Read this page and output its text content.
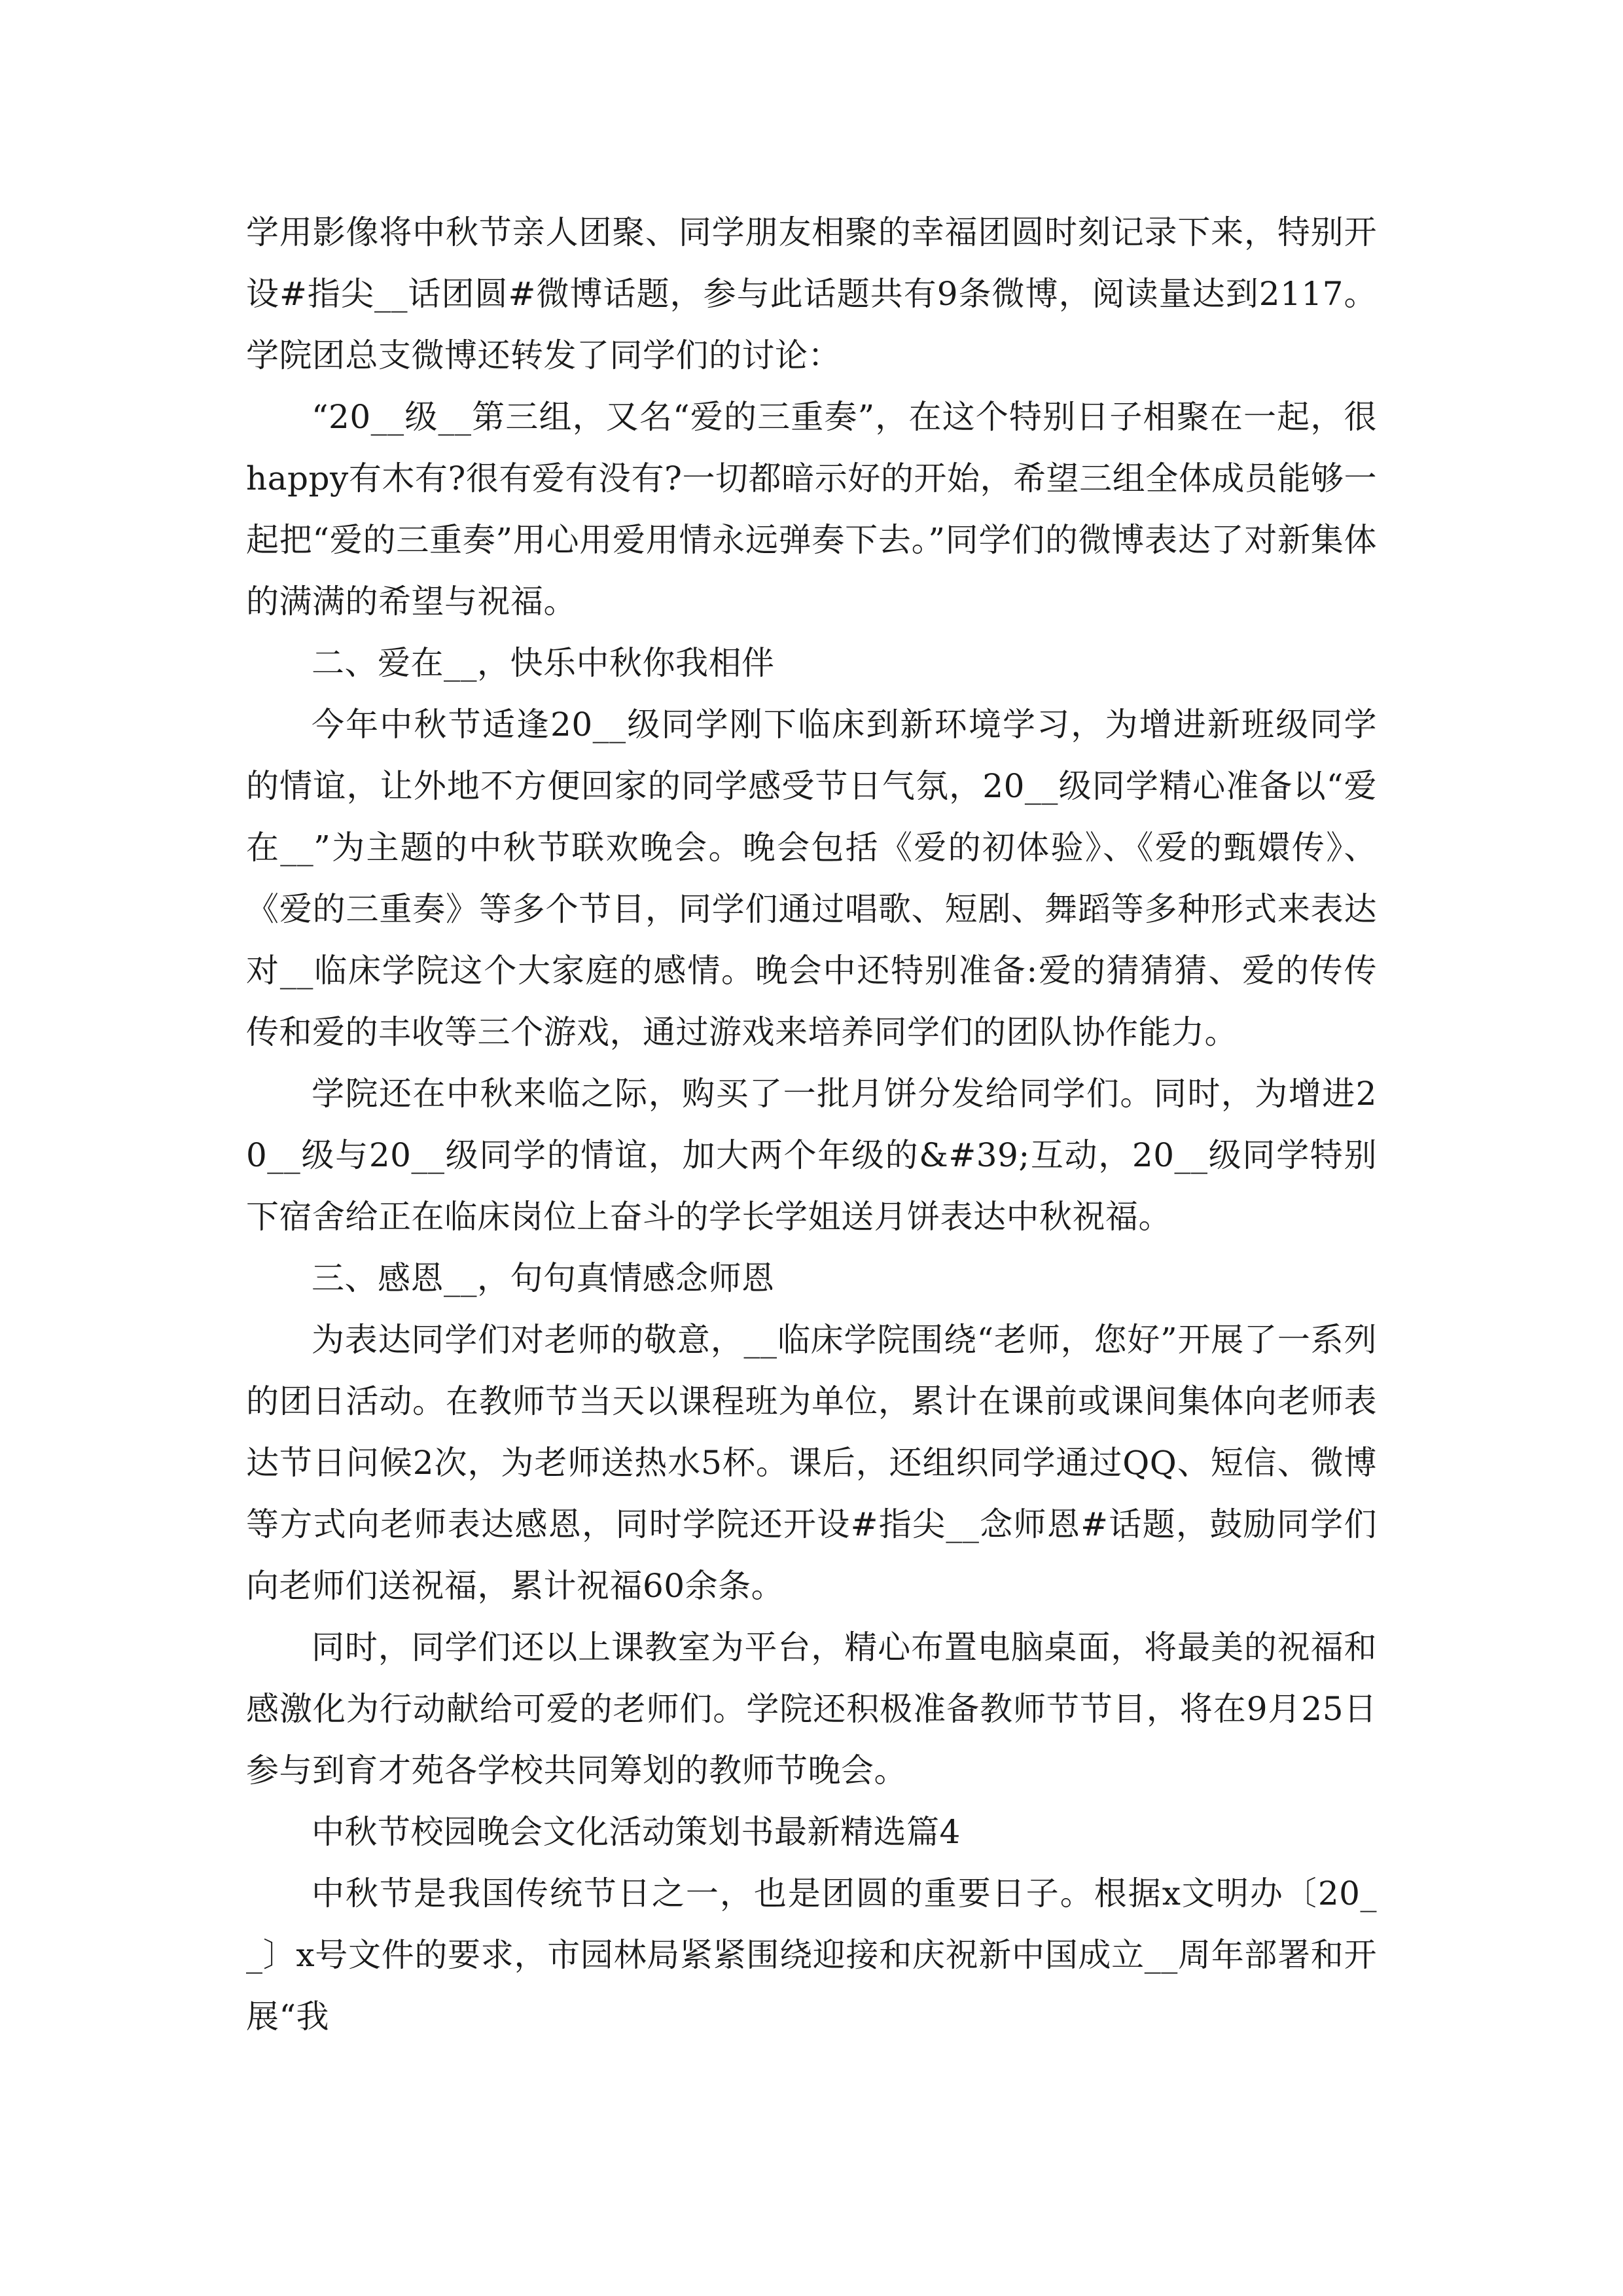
学用影像将中秋节亲人团聚、同学朋友相聚的幸福团圆时刻记录下来，特别开设#指尖__话团圆#微博话题，参与此话题共有9条微博，阅读量达到2117。学院团总支微博还转发了同学们的讨论：

“20__级__第三组，又名“爱的三重奏”，在这个特别日子相聚在一起，很happy有木有?很有爱有没有?一切都暗示好的开始，希望三组全体成员能够一起把“爱的三重奏”用心用爱用情永远弹奏下去。”同学们的微博表达了对新集体的满满的希望与祝福。

二、爱在__，快乐中秋你我相伴

今年中秋节适逢20__级同学刚下临床到新环境学习，为增进新班级同学的情谊，让外地不方便回家的同学感受节日气氛，20__级同学精心准备以“爱在__”为主题的中秋节联欢晚会。晚会包括《爱的初体验》、《爱的甄嬛传》、《爱的三重奏》等多个节目，同学们通过唱歌、短剧、舞蹈等多种形式来表达对__临床学院这个大家庭的感情。晚会中还特别准备:爱的猜猜猜、爱的传传传和爱的丰收等三个游戏，通过游戏来培养同学们的团队协作能力。

学院还在中秋来临之际，购买了一批月饼分发给同学们。同时，为增进20__级与20__级同学的情谊，加大两个年级的&#39;互动，20__级同学特别下宿舍给正在临床岗位上奋斗的学长学姐送月饼表达中秋祝福。

三、感恩__，句句真情感念师恩

为表达同学们对老师的敬意，__临床学院围绕“老师，您好”开展了一系列的团日活动。在教师节当天以课程班为单位，累计在课前或课间集体向老师表达节日问候2次，为老师送热水5杯。课后，还组织同学通过QQ、短信、微博等方式向老师表达感恩，同时学院还开设#指尖__念师恩#话题，鼓励同学们向老师们送祝福，累计祝福60余条。

同时，同学们还以上课教室为平台，精心布置电脑桌面，将最美的祝福和感激化为行动献给可爱的老师们。学院还积极准备教师节节目，将在9月25日参与到育才苑各学校共同筹划的教师节晚会。

中秋节校园晚会文化活动策划书最新精选篇4

中秋节是我国传统节日之一，也是团圆的重要日子。根据x文明办〔20__〕x号文件的要求，市园林局紧紧围绕迎接和庆祝新中国成立__周年部署和开展“我
